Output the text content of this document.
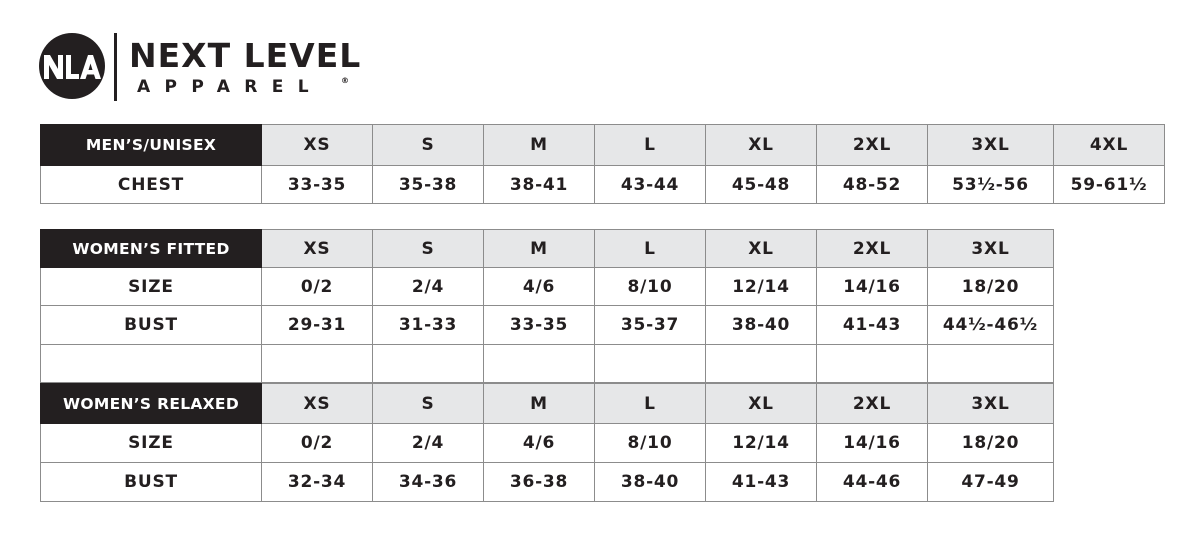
NEXT LEVEL
APPAREL ®
MEN’S/UNISEX	XS	S	M	L	XL	2XL	3XL	4XL
CHEST	33-35	35-38	38-41	43-44	45-48	48-52	53½-56	59-61½
WOMEN’S FITTED	XS	S	M	L	XL	2XL	3XL
SIZE	0/2	2/4	4/6	8/10	12/14	14/16	18/20
BUST	29-31	31-33	33-35	35-37	38-40	41-43	44½-46½

WOMEN’S RELAXED	XS	S	M	L	XL	2XL	3XL
SIZE	0/2	2/4	4/6	8/10	12/14	14/16	18/20
BUST	32-34	34-36	36-38	38-40	41-43	44-46	47-49
